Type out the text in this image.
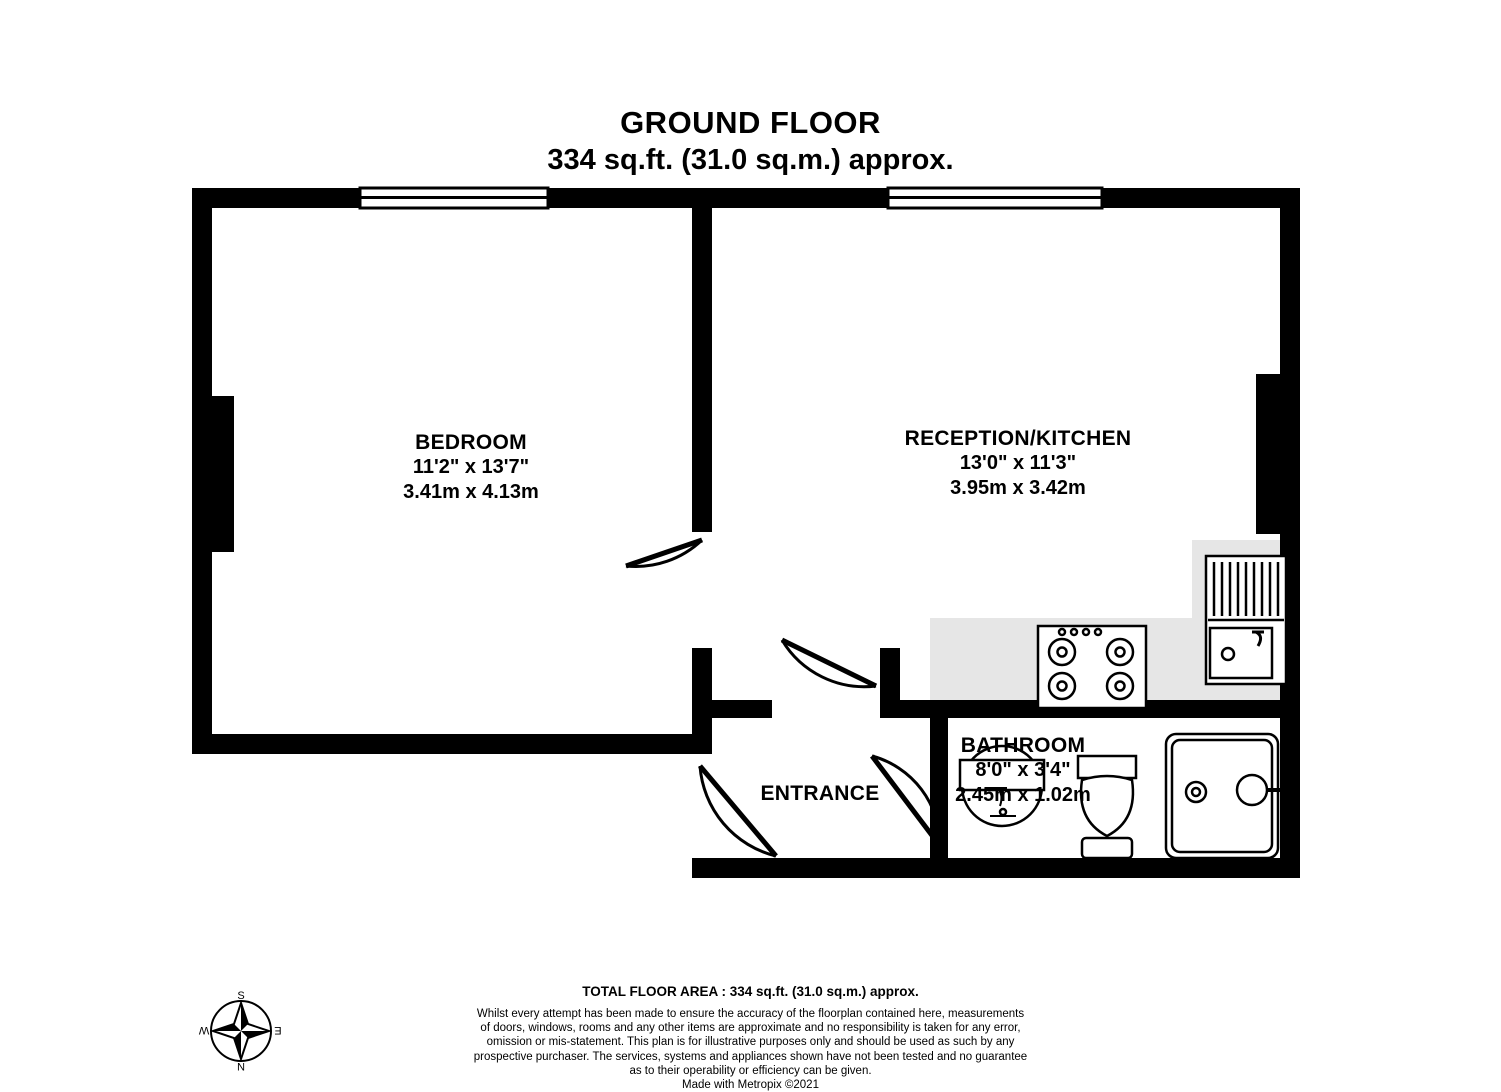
GROUND FLOOR
334 sq.ft. (31.0 sq.m.) approx.
BEDROOM
11'2" x 13'7"
3.41m x 4.13m
RECEPTION/KITCHEN
13'0" x 11'3"
3.95m x 3.42m
BATHROOM
8'0" x 3'4"
2.45m x 1.02m
ENTRANCE
N
S
W	E
TOTAL FLOOR AREA : 334 sq.ft. (31.0 sq.m.) approx.
Whilst every attempt has been made to ensure the accuracy of the floorplan contained here, measurements
of doors, windows, rooms and any other items are approximate and no responsibility is taken for any error,
omission or mis-statement. This plan is for illustrative purposes only and should be used as such by any
prospective purchaser. The services, systems and appliances shown have not been tested and no guarantee
as to their operability or efficiency can be given.
Made with Metropix ©2021
